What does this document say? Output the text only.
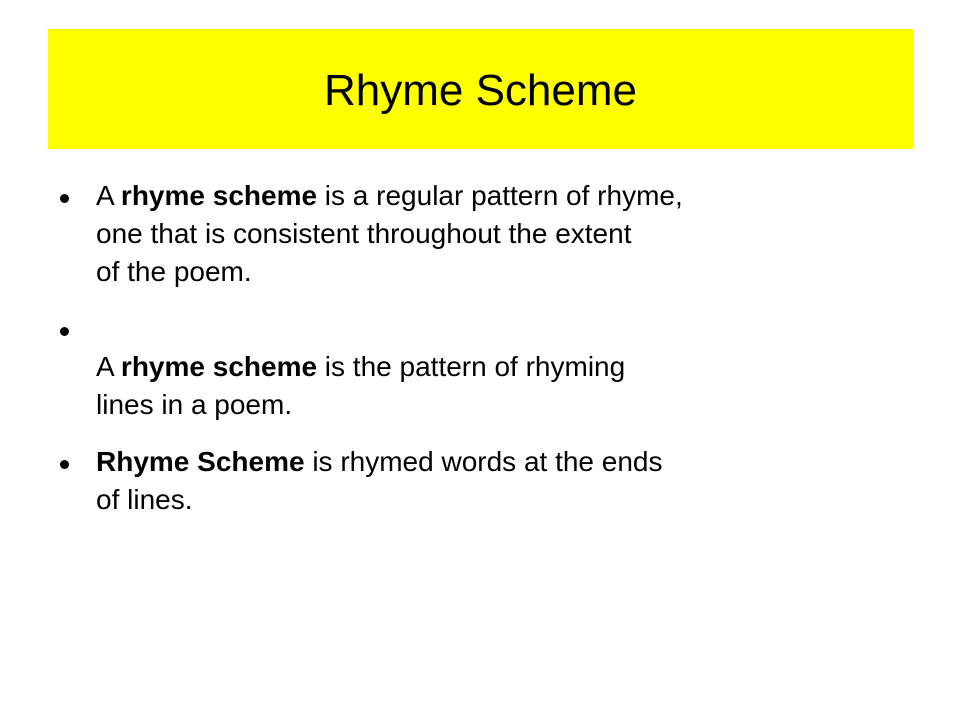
Rhyme Scheme
A rhyme scheme is a regular pattern of rhyme,
one that is consistent throughout the extent
of the poem.
A rhyme scheme is the pattern of rhyming
lines in a poem.
Rhyme Scheme is rhymed words at the ends
of lines.
